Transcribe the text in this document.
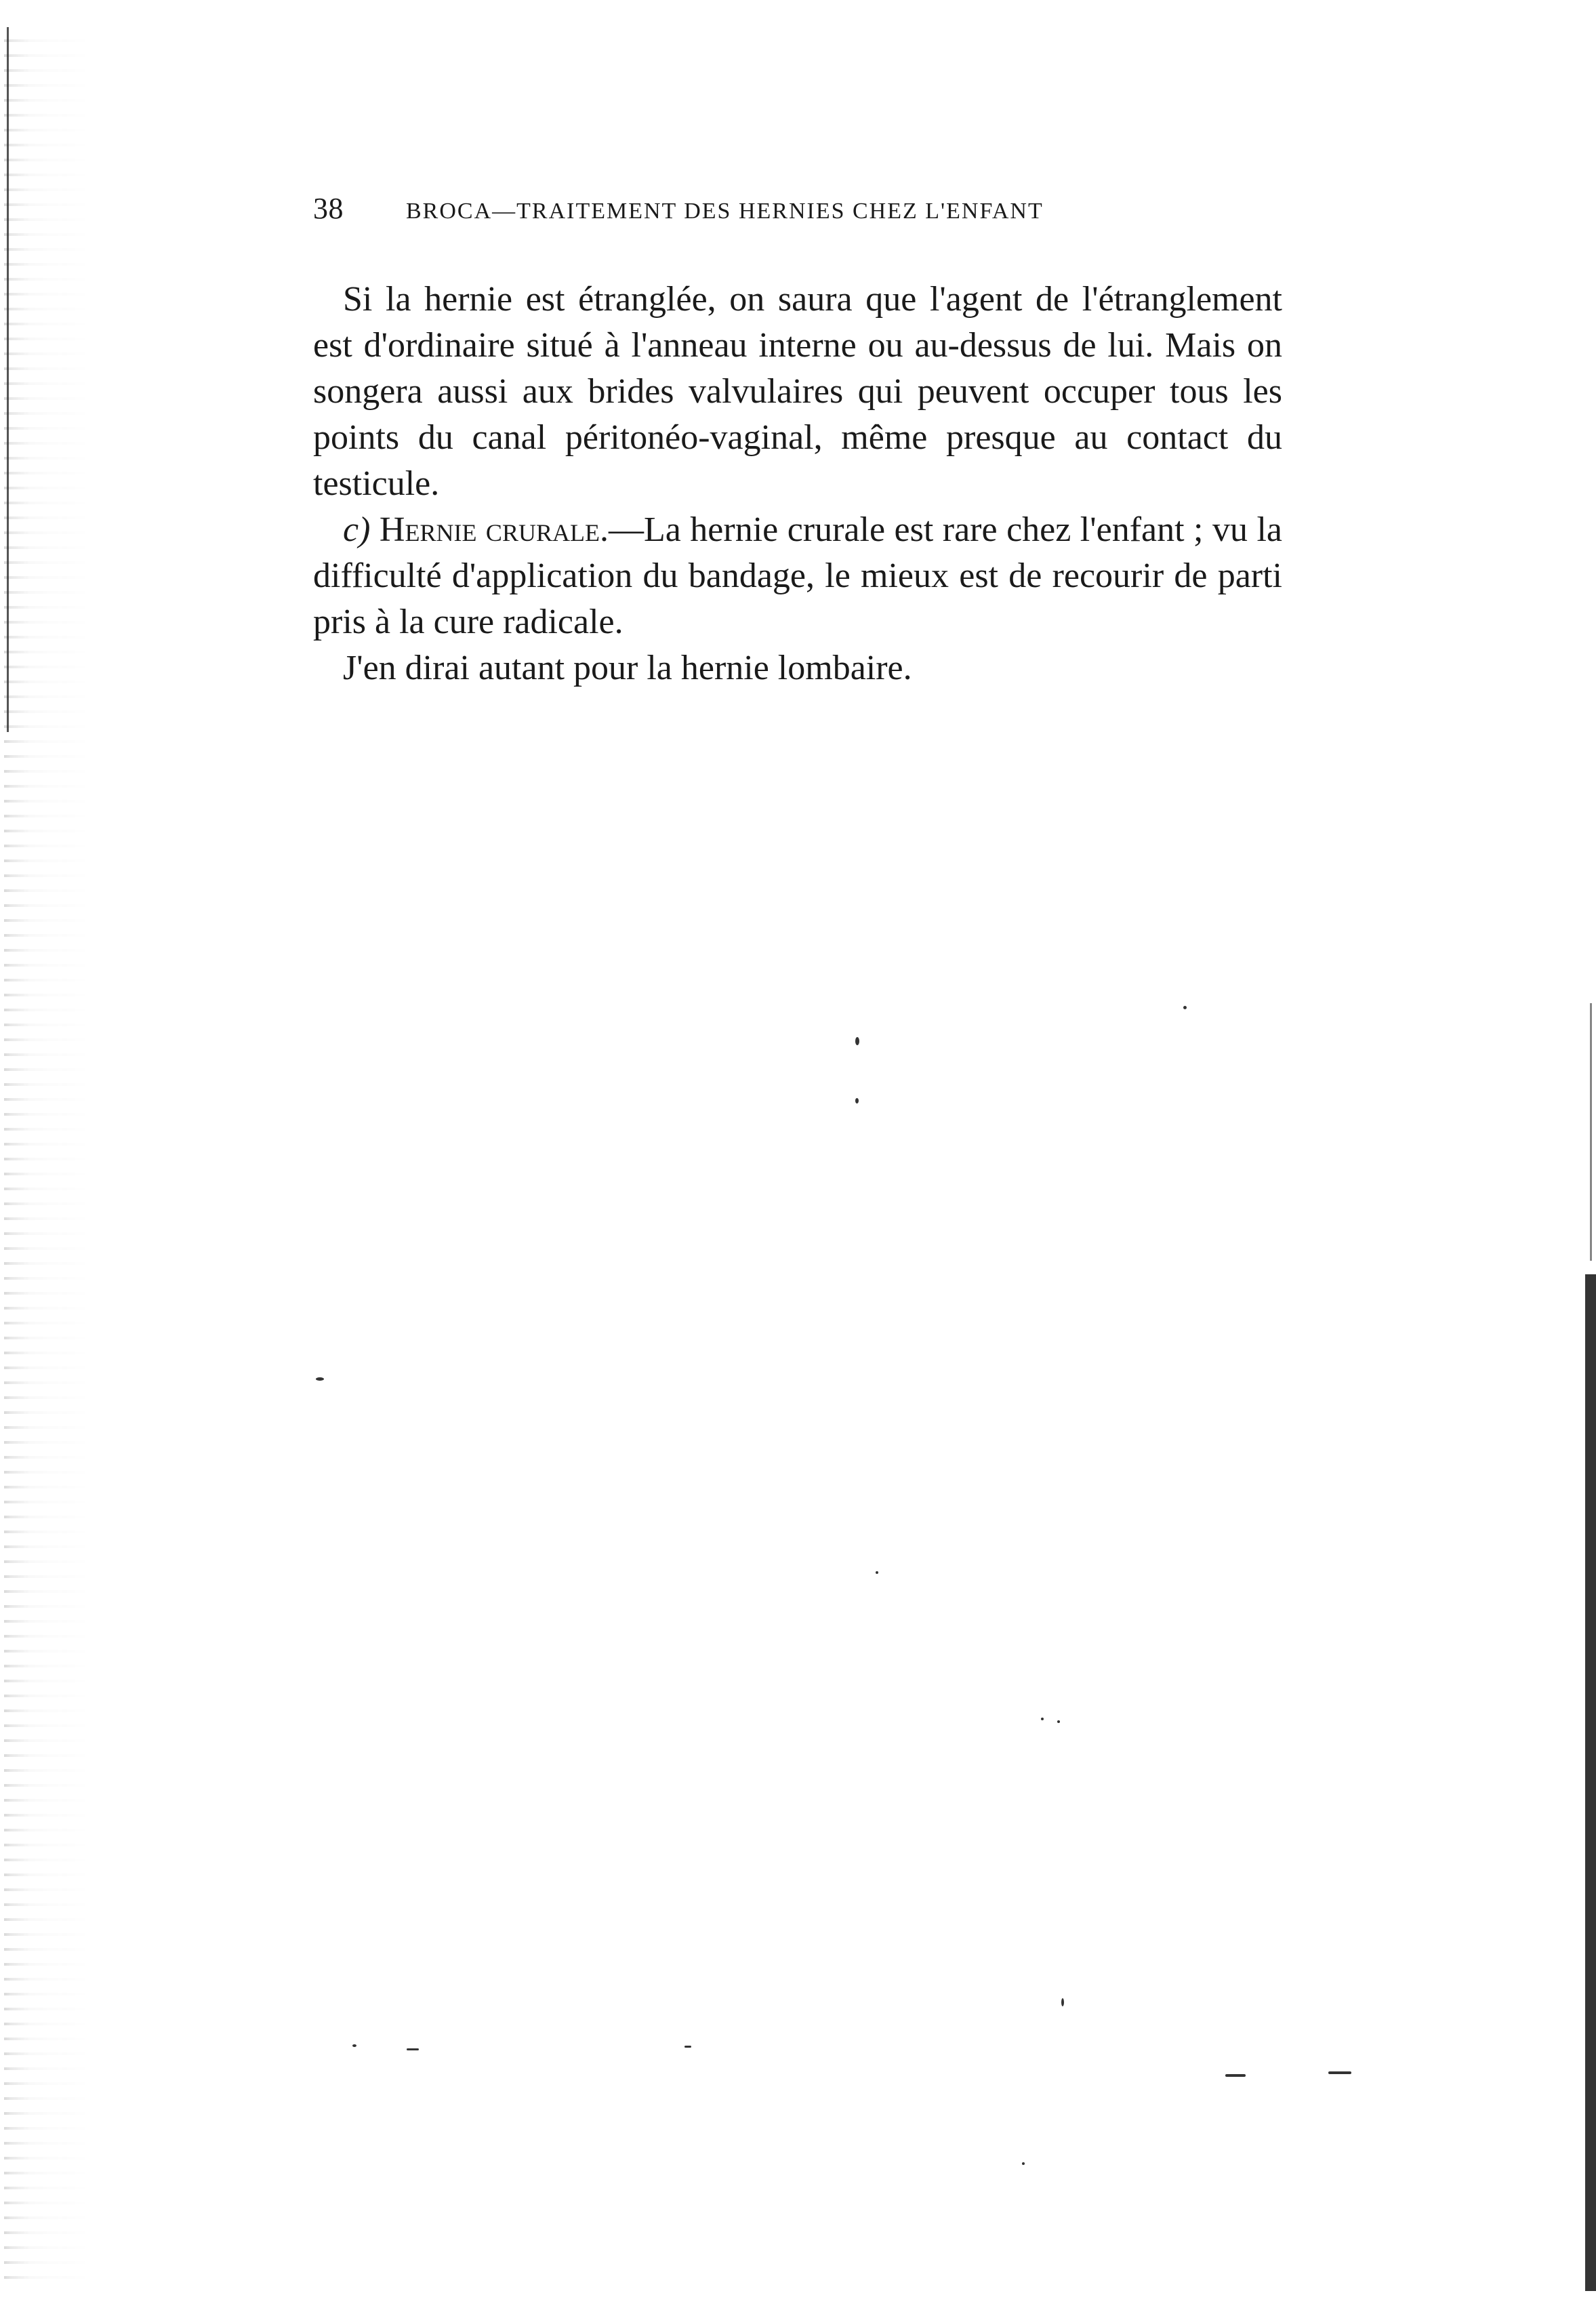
38	BROCA—TRAITEMENT DES HERNIES CHEZ L'ENFANT

Si la hernie est étranglée, on saura que l'agent de l'étranglement est d'ordinaire situé à l'anneau interne ou au-dessus de lui. Mais on songera aussi aux brides valvulaires qui peuvent occuper tous les points du canal péritonéo-vaginal, même presque au contact du testicule.

c) Hernie crurale.—La hernie crurale est rare chez l'enfant ; vu la difficulté d'application du bandage, le mieux est de recourir de parti pris à la cure radicale.

J'en dirai autant pour la hernie lombaire.
